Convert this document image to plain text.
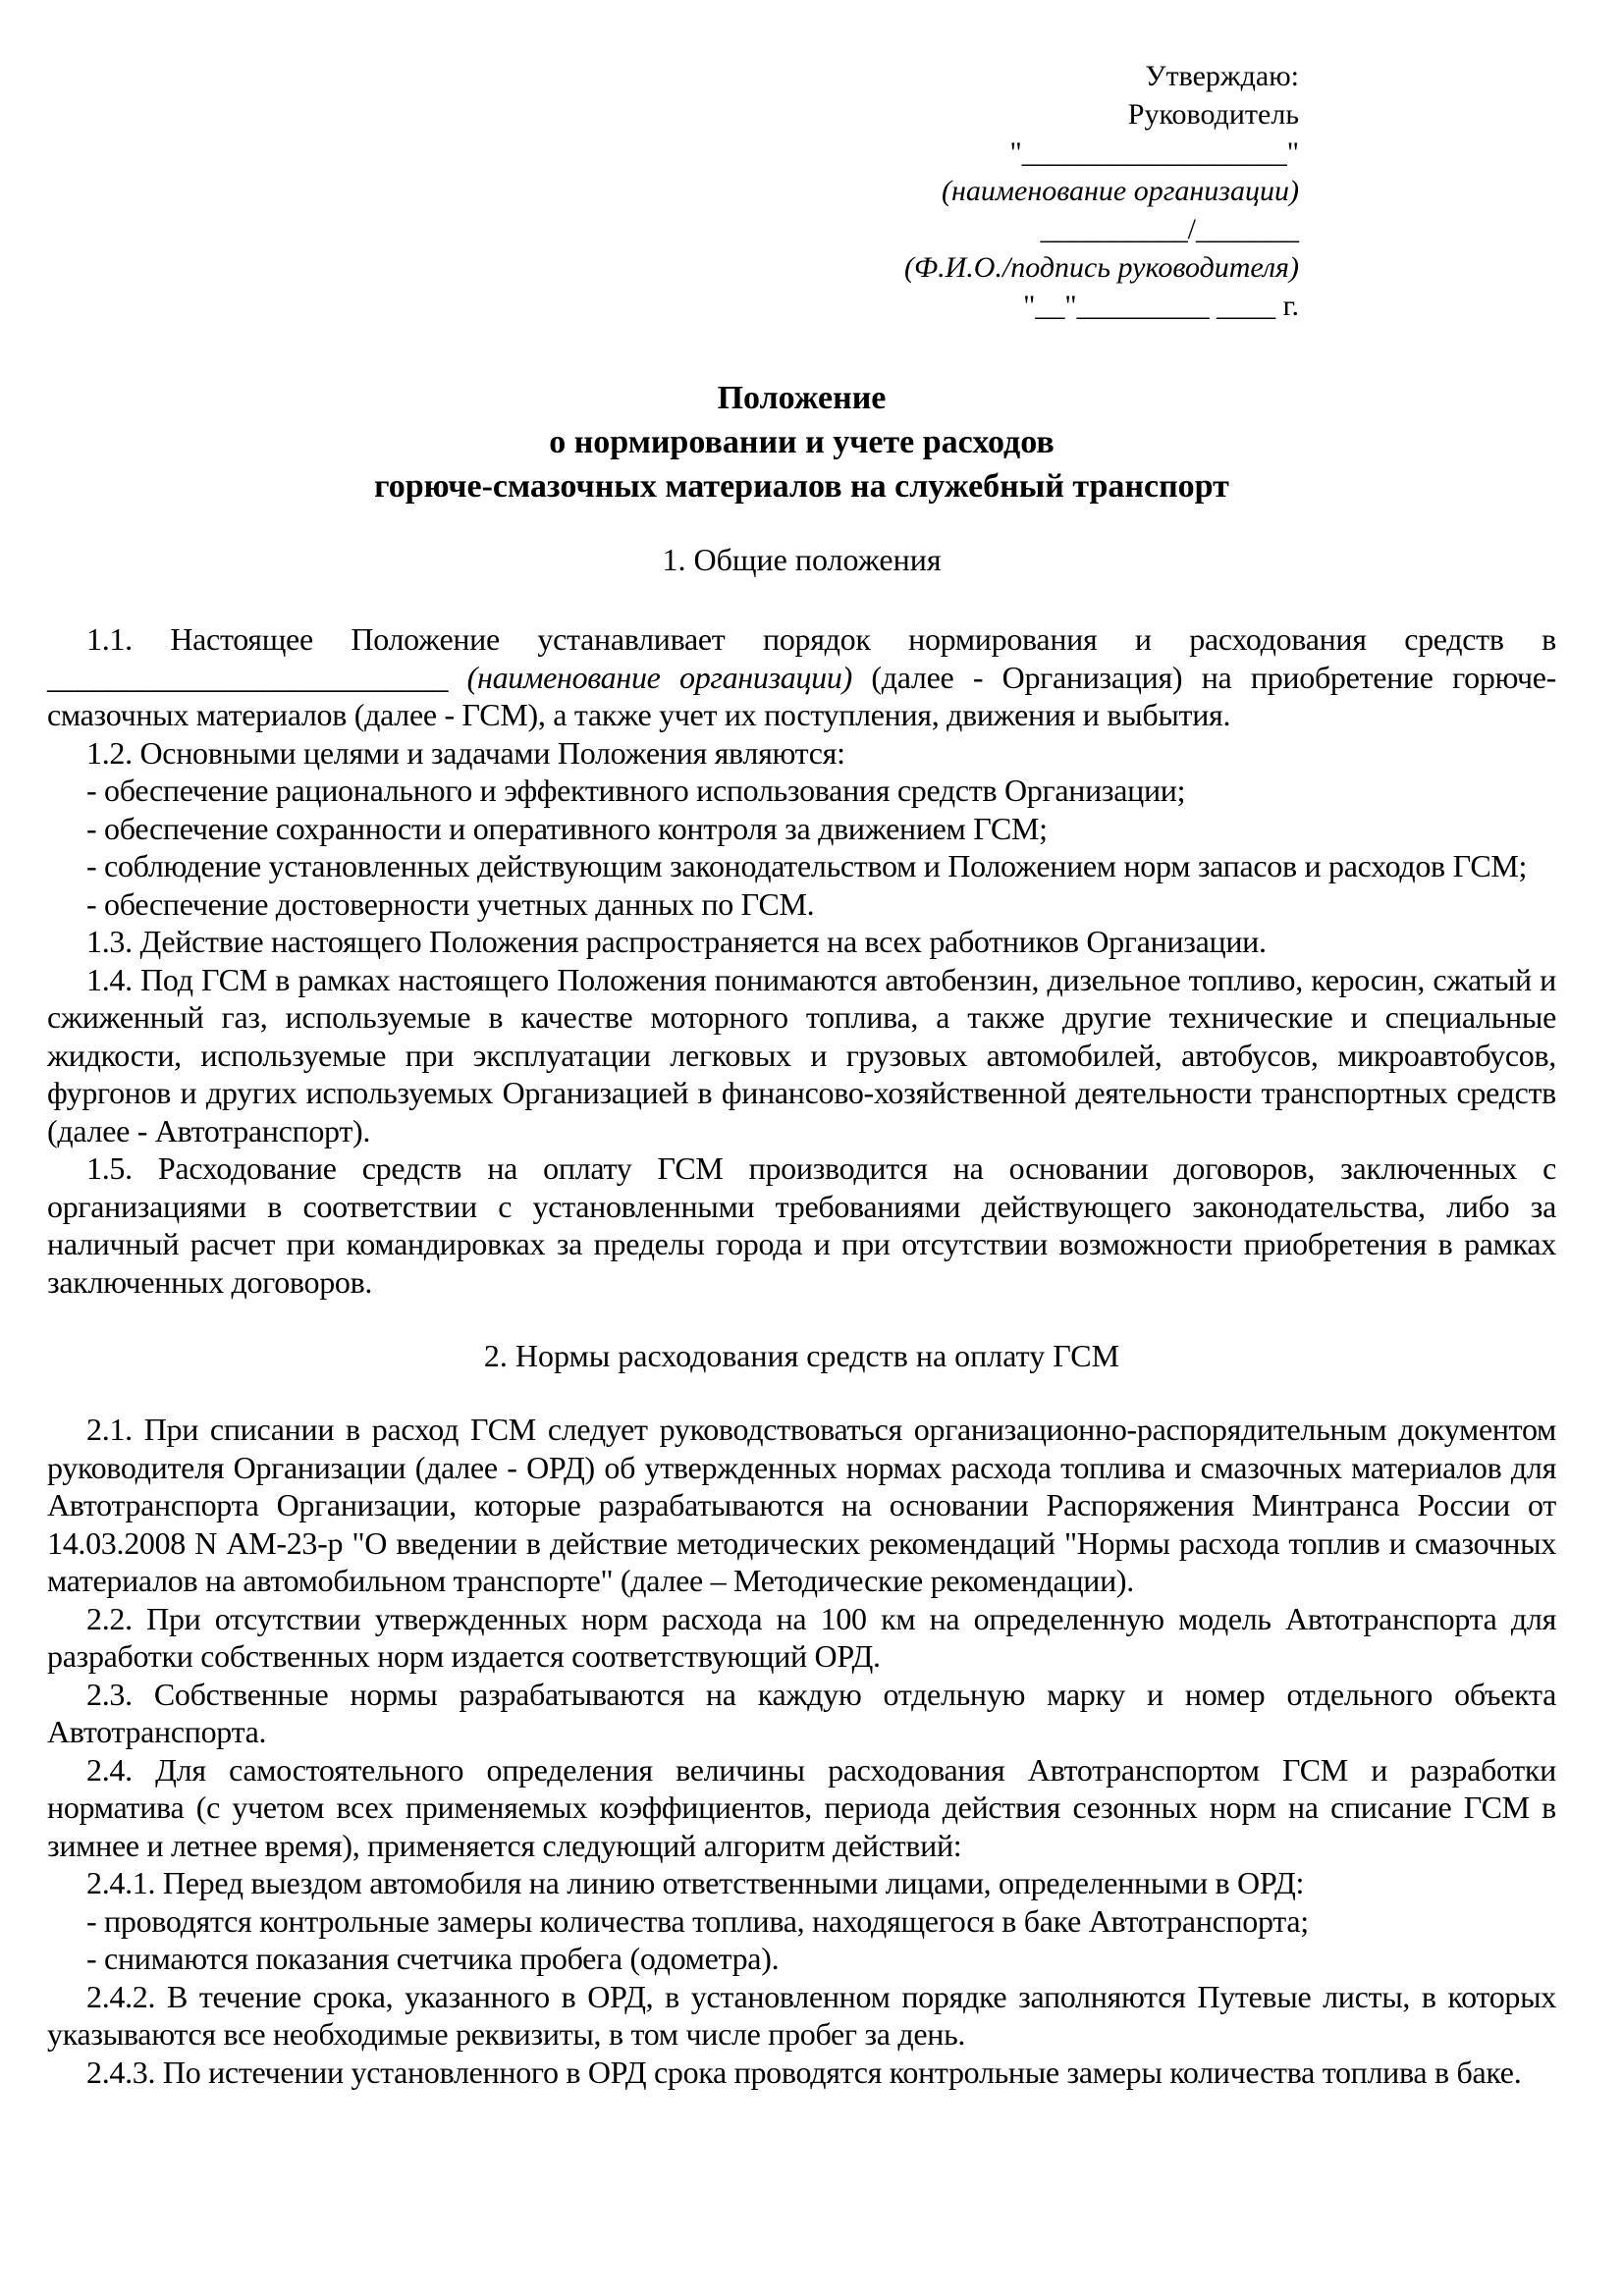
Утверждаю:
Руководитель
"__________________"
(наименование организации)
__________/_______
(Ф.И.О./подпись руководителя)
"__"_________ ____ г.
Положение
о нормировании и учете расходов
горюче-смазочных материалов на служебный транспорт
1. Общие положения

1.1. Настоящее Положение устанавливает порядок нормирования и расходования средств в __________________________ (наименование организации) (далее - Организация) на приобретение горюче-смазочных материалов (далее - ГСМ), а также учет их поступления, движения и выбытия.

1.2. Основными целями и задачами Положения являются:

- обеспечение рационального и эффективного использования средств Организации;

- обеспечение сохранности и оперативного контроля за движением ГСМ;

- соблюдение установленных действующим законодательством и Положением норм запасов и расходов ГСМ;

- обеспечение достоверности учетных данных по ГСМ.

1.3. Действие настоящего Положения распространяется на всех работников Организации.

1.4. Под ГСМ в рамках настоящего Положения понимаются автобензин, дизельное топливо, керосин, сжатый и сжиженный газ, используемые в качестве моторного топлива, а также другие технические и специальные жидкости, используемые при эксплуатации легковых и грузовых автомобилей, автобусов, микроавтобусов, фургонов и других используемых Организацией в финансово-хозяйственной деятельности транспортных средств (далее - Автотранспорт).

1.5. Расходование средств на оплату ГСМ производится на основании договоров, заключенных с организациями в соответствии с установленными требованиями действующего законодательства, либо за наличный расчет при командировках за пределы города и при отсутствии возможности приобретения в рамках заключенных договоров.

2. Нормы расходования средств на оплату ГСМ

2.1. При списании в расход ГСМ следует руководствоваться организационно-распорядительным документом руководителя Организации (далее - ОРД) об утвержденных нормах расхода топлива и смазочных материалов для Автотранспорта Организации, которые разрабатываются на основании Распоряжения Минтранса России от 14.03.2008 N АМ-23-р "О введении в действие методических рекомендаций "Нормы расхода топлив и смазочных материалов на автомобильном транспорте" (далее – Методические рекомендации).

2.2. При отсутствии утвержденных норм расхода на 100 км на определенную модель Автотранспорта для разработки собственных норм издается соответствующий ОРД.

2.3. Собственные нормы разрабатываются на каждую отдельную марку и номер отдельного объекта Автотранспорта.

2.4. Для самостоятельного определения величины расходования Автотранспортом ГСМ и разработки норматива (с учетом всех применяемых коэффициентов, периода действия сезонных норм на списание ГСМ в зимнее и летнее время), применяется следующий алгоритм действий:

2.4.1. Перед выездом автомобиля на линию ответственными лицами, определенными в ОРД:

- проводятся контрольные замеры количества топлива, находящегося в баке Автотранспорта;

- снимаются показания счетчика пробега (одометра).

2.4.2. В течение срока, указанного в ОРД, в установленном порядке заполняются Путевые листы, в которых указываются все необходимые реквизиты, в том числе пробег за день.

2.4.3. По истечении установленного в ОРД срока проводятся контрольные замеры количества топлива в баке.
